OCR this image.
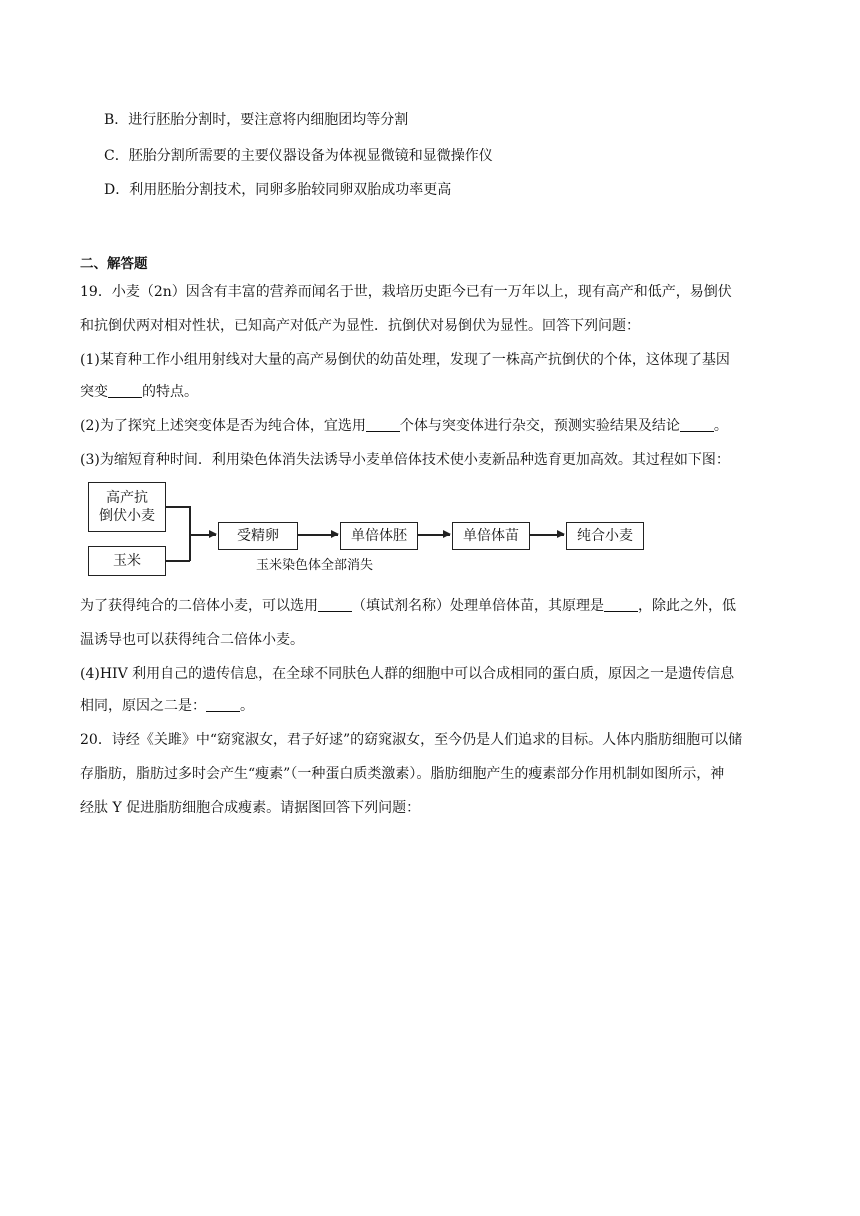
B．进行胚胎分割时，要注意将内细胞团均等分割
C．胚胎分割所需要的主要仪器设备为体视显微镜和显微操作仪
D．利用胚胎分割技术，同卵多胎较同卵双胎成功率更高
二、解答题
19．小麦（2n）因含有丰富的营养而闻名于世，栽培历史距今已有一万年以上，现有高产和低产，易倒伏
和抗倒伏两对相对性状，已知高产对低产为显性．抗倒伏对易倒伏为显性。回答下列问题：
(1)某育种工作小组用射线对大量的高产易倒伏的幼苗处理，发现了一株高产抗倒伏的个体，这体现了基因
突变 的特点。
(2)为了探究上述突变体是否为纯合体，宜选用 个体与突变体进行杂交，预测实验结果及结论 。
(3)为缩短育种时间．利用染色体消失法诱导小麦单倍体技术使小麦新品种选育更加高效。其过程如下图：
高产抗
倒伏小麦
玉米
受精卵	单倍体胚	单倍体苗	纯合小麦
玉米染色体全部消失
为了获得纯合的二倍体小麦，可以选用 （填试剂名称）处理单倍体苗，其原理是 ，除此之外，低
温诱导也可以获得纯合二倍体小麦。
(4)HIV 利用自己的遗传信息，在全球不同肤色人群的细胞中可以合成相同的蛋白质，原因之一是遗传信息
相同，原因之二是： 。
20．诗经《关雎》中“窈窕淑女，君子好逑”的窈窕淑女，至今仍是人们追求的目标。人体内脂肪细胞可以储
存脂肪，脂肪过多时会产生“瘦素”（一种蛋白质类激素）。脂肪细胞产生的瘦素部分作用机制如图所示，神
经肽 Y 促进脂肪细胞合成瘦素。请据图回答下列问题：
